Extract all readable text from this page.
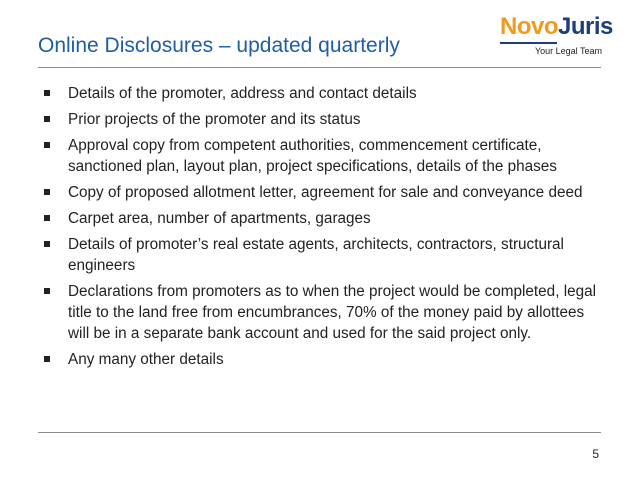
Online Disclosures – updated quarterly
NovoJuris
Your Legal Team
Details of the promoter, address and contact details
Prior projects of the promoter and its status
Approval copy from competent authorities, commencement certificate, sanctioned plan, layout plan, project specifications, details of the phases
Copy of proposed allotment letter, agreement for sale and conveyance deed
Carpet area, number of apartments, garages
Details of promoter’s real estate agents, architects, contractors, structural engineers
Declarations from promoters as to when the project would be completed, legal title to the land free from encumbrances, 70% of the money paid by allottees will be in a separate bank account and used for the said project only.
Any many other details
5
